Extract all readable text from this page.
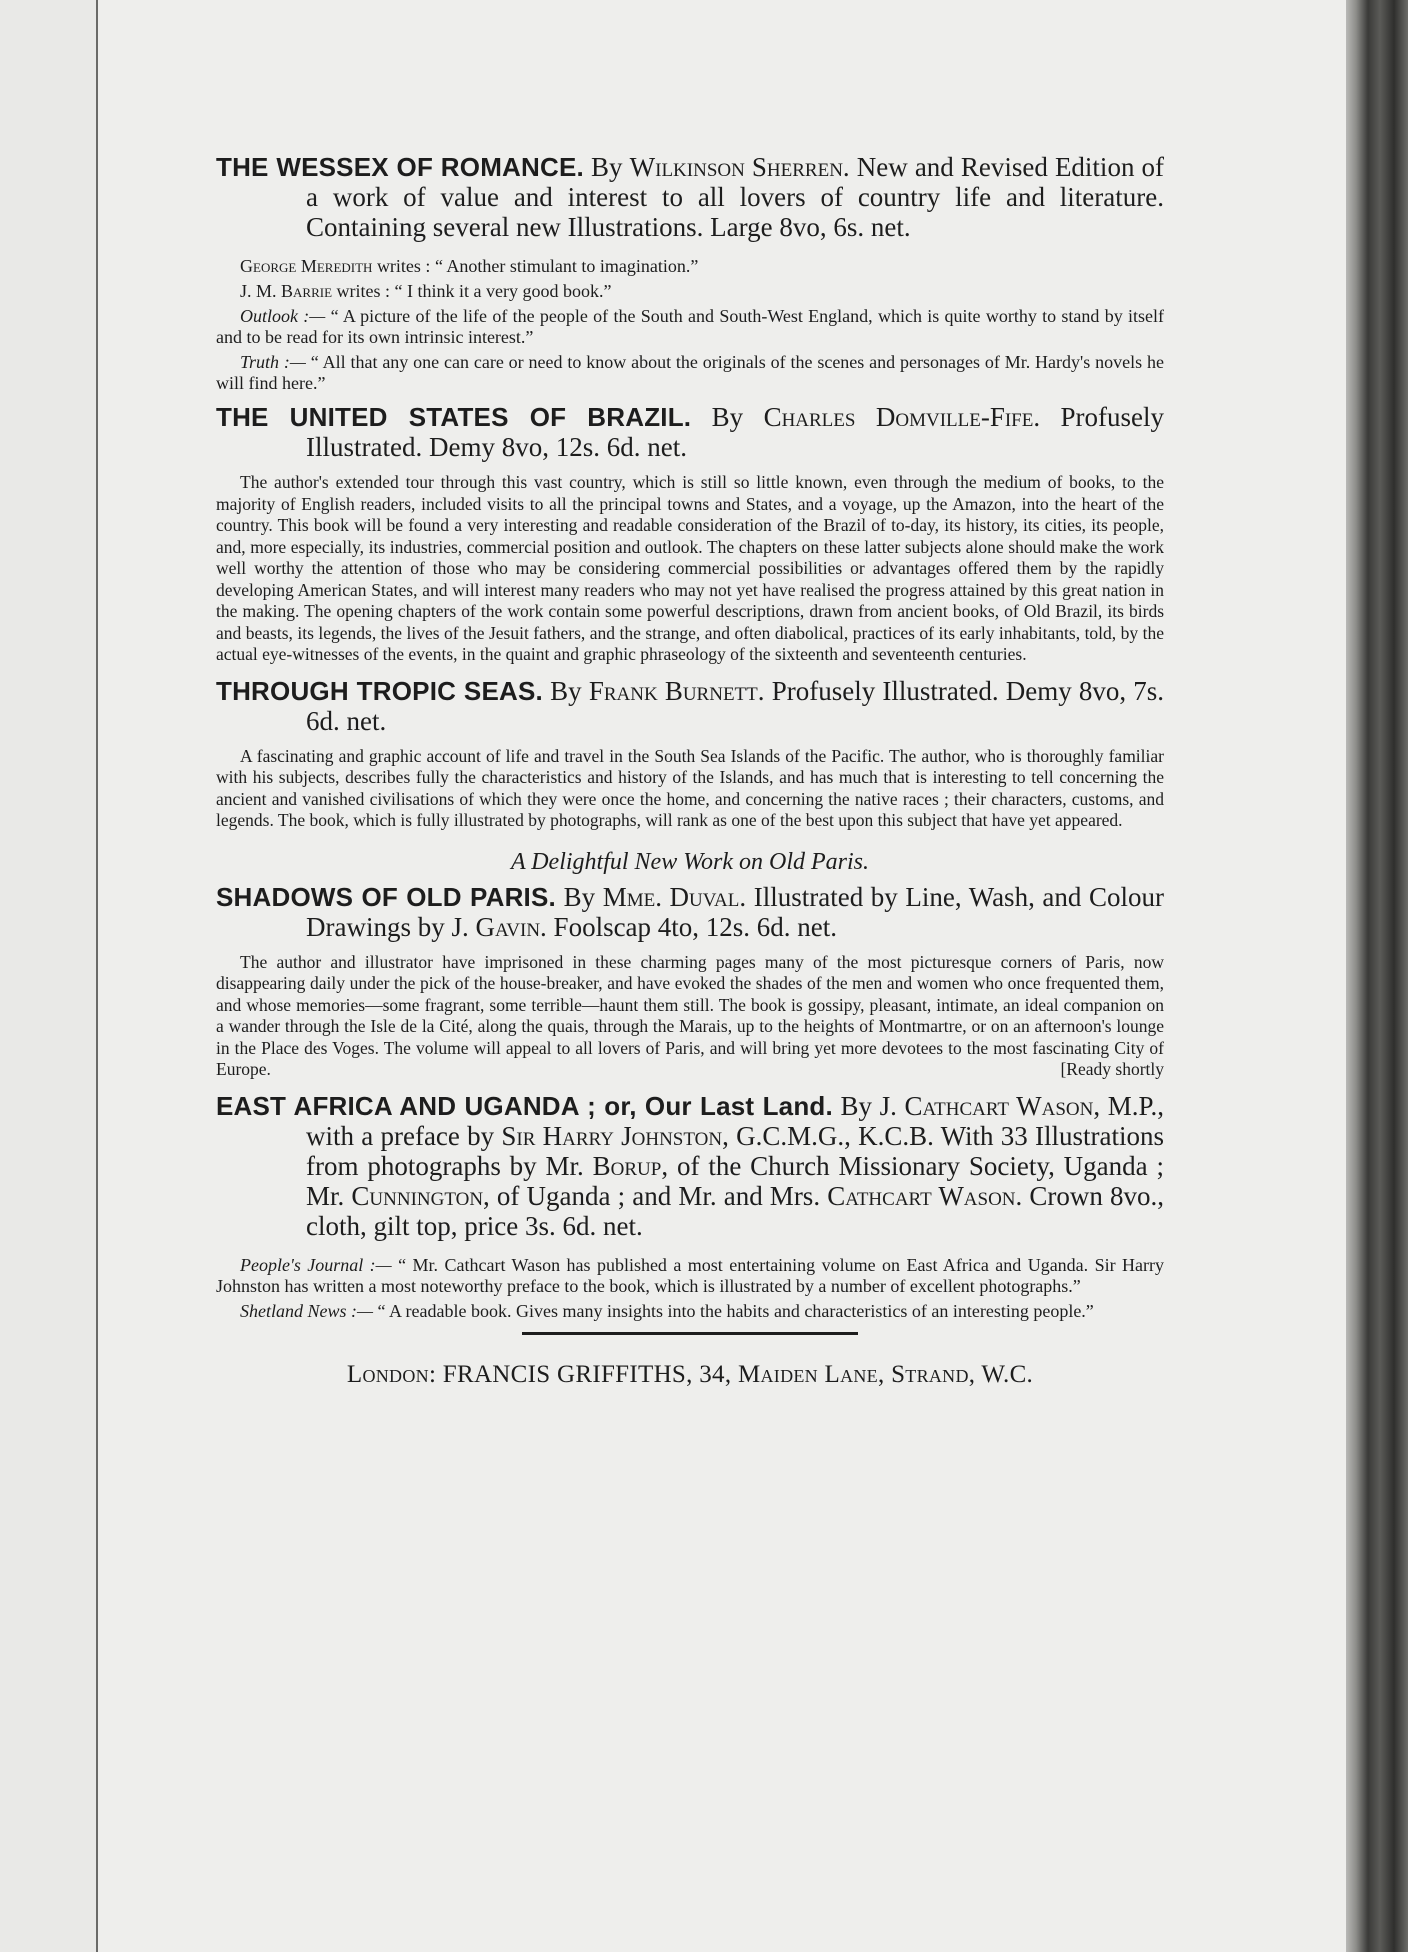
THE WESSEX OF ROMANCE. By Wilkinson Sherren. New and Revised Edition of a work of value and interest to all lovers of country life and literature. Containing several new Illustrations. Large 8vo, 6s. net.

George Meredith writes : “ Another stimulant to imagination.”

J. M. Barrie writes : “ I think it a very good book.”

Outlook :— “ A picture of the life of the people of the South and South-West England, which is quite worthy to stand by itself and to be read for its own intrinsic interest.”

Truth :— “ All that any one can care or need to know about the originals of the scenes and personages of Mr. Hardy's novels he will find here.”

THE UNITED STATES OF BRAZIL. By Charles Domville-Fife. Profusely Illustrated. Demy 8vo, 12s. 6d. net.

The author's extended tour through this vast country, which is still so little known, even through the medium of books, to the majority of English readers, included visits to all the principal towns and States, and a voyage, up the Amazon, into the heart of the country. This book will be found a very interesting and readable consideration of the Brazil of to-day, its history, its cities, its people, and, more especially, its industries, commercial position and outlook. The chapters on these latter subjects alone should make the work well worthy the attention of those who may be considering commercial possibilities or advantages offered them by the rapidly developing American States, and will interest many readers who may not yet have realised the progress attained by this great nation in the making. The opening chapters of the work contain some powerful descriptions, drawn from ancient books, of Old Brazil, its birds and beasts, its legends, the lives of the Jesuit fathers, and the strange, and often diabolical, practices of its early inhabitants, told, by the actual eye-witnesses of the events, in the quaint and graphic phraseology of the sixteenth and seventeenth centuries.

THROUGH TROPIC SEAS. By Frank Burnett. Profusely Illustrated. Demy 8vo, 7s. 6d. net.

A fascinating and graphic account of life and travel in the South Sea Islands of the Pacific. The author, who is thoroughly familiar with his subjects, describes fully the characteristics and history of the Islands, and has much that is interesting to tell concerning the ancient and vanished civilisations of which they were once the home, and concerning the native races ; their characters, customs, and legends. The book, which is fully illustrated by photographs, will rank as one of the best upon this subject that have yet appeared.

A Delightful New Work on Old Paris.

SHADOWS OF OLD PARIS. By Mme. Duval. Illustrated by Line, Wash, and Colour Drawings by J. Gavin. Foolscap 4to, 12s. 6d. net.

The author and illustrator have imprisoned in these charming pages many of the most picturesque corners of Paris, now disappearing daily under the pick of the house-breaker, and have evoked the shades of the men and women who once frequented them, and whose memories—some fragrant, some terrible—haunt them still. The book is gossipy, pleasant, intimate, an ideal companion on a wander through the Isle de la Cité, along the quais, through the Marais, up to the heights of Montmartre, or on an afternoon's lounge in the Place des Voges. The volume will appeal to all lovers of Paris, and will bring yet more devotees to the most fascinating City of Europe.	[Ready shortly

EAST AFRICA AND UGANDA ; or, Our Last Land. By J. Cathcart Wason, M.P., with a preface by Sir Harry Johnston, G.C.M.G., K.C.B. With 33 Illustrations from photographs by Mr. Borup, of the Church Missionary Society, Uganda ; Mr. Cunnington, of Uganda ; and Mr. and Mrs. Cathcart Wason. Crown 8vo., cloth, gilt top, price 3s. 6d. net.

People's Journal :— “ Mr. Cathcart Wason has published a most entertaining volume on East Africa and Uganda. Sir Harry Johnston has written a most noteworthy preface to the book, which is illustrated by a number of excellent photographs.”

Shetland News :— “ A readable book. Gives many insights into the habits and characteristics of an interesting people.”

London: FRANCIS GRIFFITHS, 34, Maiden Lane, Strand, W.C.
